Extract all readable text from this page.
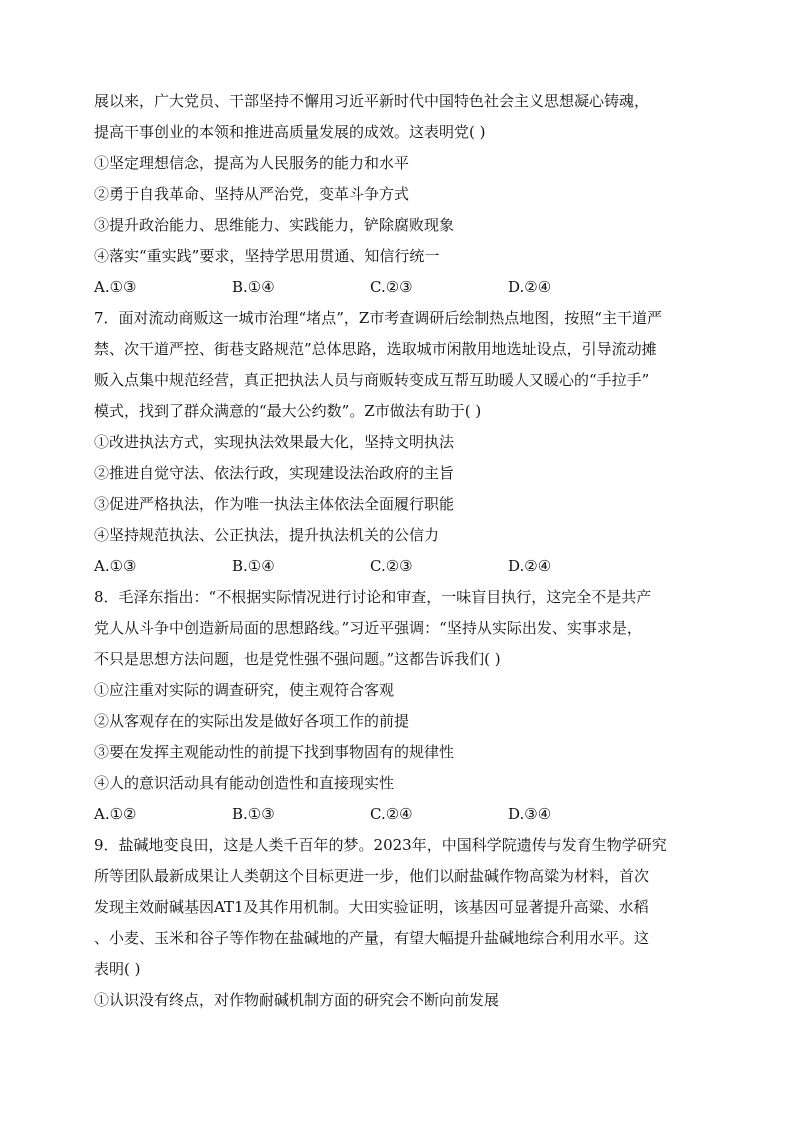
展以来，广大党员、干部坚持不懈用习近平新时代中国特色社会主义思想凝心铸魂，
提高干事创业的本领和推进高质量发展的成效。这表明党( )
①坚定理想信念，提高为人民服务的能力和水平
②勇于自我革命、坚持从严治党，变革斗争方式
③提升政治能力、思维能力、实践能力，铲除腐败现象
④落实“重实践”要求，坚持学思用贯通、知信行统一
A.①③	B.①④	C.②③	D.②④
7．面对流动商贩这一城市治理“堵点”，Z市考查调研后绘制热点地图，按照“主干道严
禁、次干道严控、街巷支路规范”总体思路，选取城市闲散用地选址设点，引导流动摊
贩入点集中规范经营，真正把执法人员与商贩转变成互帮互助暖人又暖心的“手拉手”
模式，找到了群众满意的“最大公约数”。Z市做法有助于( )
①改进执法方式，实现执法效果最大化，坚持文明执法
②推进自觉守法、依法行政，实现建设法治政府的主旨
③促进严格执法，作为唯一执法主体依法全面履行职能
④坚持规范执法、公正执法，提升执法机关的公信力
A.①③	B.①④	C.②③	D.②④
8．毛泽东指出：“不根据实际情况进行讨论和审查，一味盲目执行，这完全不是共产
党人从斗争中创造新局面的思想路线。”习近平强调：“坚持从实际出发、实事求是，
不只是思想方法问题，也是党性强不强问题。”这都告诉我们( )
①应注重对实际的调查研究，使主观符合客观
②从客观存在的实际出发是做好各项工作的前提
③要在发挥主观能动性的前提下找到事物固有的规律性
④人的意识活动具有能动创造性和直接现实性
A.①②	B.①③	C.②④	D.③④
9．盐碱地变良田，这是人类千百年的梦。2023年，中国科学院遗传与发育生物学研究
所等团队最新成果让人类朝这个目标更进一步，他们以耐盐碱作物高粱为材料，首次
发现主效耐碱基因AT1及其作用机制。大田实验证明，该基因可显著提升高粱、水稻
、小麦、玉米和谷子等作物在盐碱地的产量，有望大幅提升盐碱地综合利用水平。这
表明( )
①认识没有终点，对作物耐碱机制方面的研究会不断向前发展
